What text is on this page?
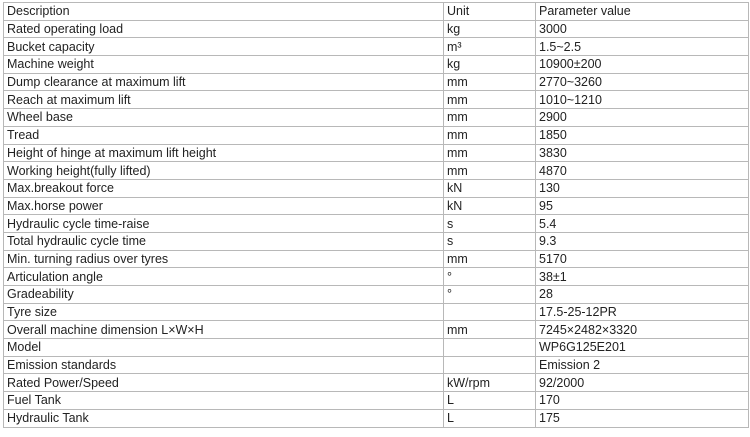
Description	Unit	Parameter value
Rated operating load	kg	3000
Bucket capacity	m³	1.5~2.5
Machine weight	kg	10900±200
Dump clearance at maximum lift	mm	2770~3260
Reach at maximum lift	mm	1010~1210
Wheel base	mm	2900
Tread	mm	1850
Height of hinge at maximum lift height	mm	3830
Working height(fully lifted)	mm	4870
Max.breakout force	kN	130
Max.horse power	kN	95
Hydraulic cycle time-raise	s	5.4
Total hydraulic cycle time	s	9.3
Min. turning radius over tyres	mm	5170
Articulation angle	°	38±1
Gradeability	°	28
Tyre size		17.5-25-12PR
Overall machine dimension L×W×H	mm	7245×2482×3320
Model		WP6G125E201
Emission standards		Emission 2
Rated Power/Speed	kW/rpm	92/2000
Fuel Tank	L	170
Hydraulic Tank	L	175
